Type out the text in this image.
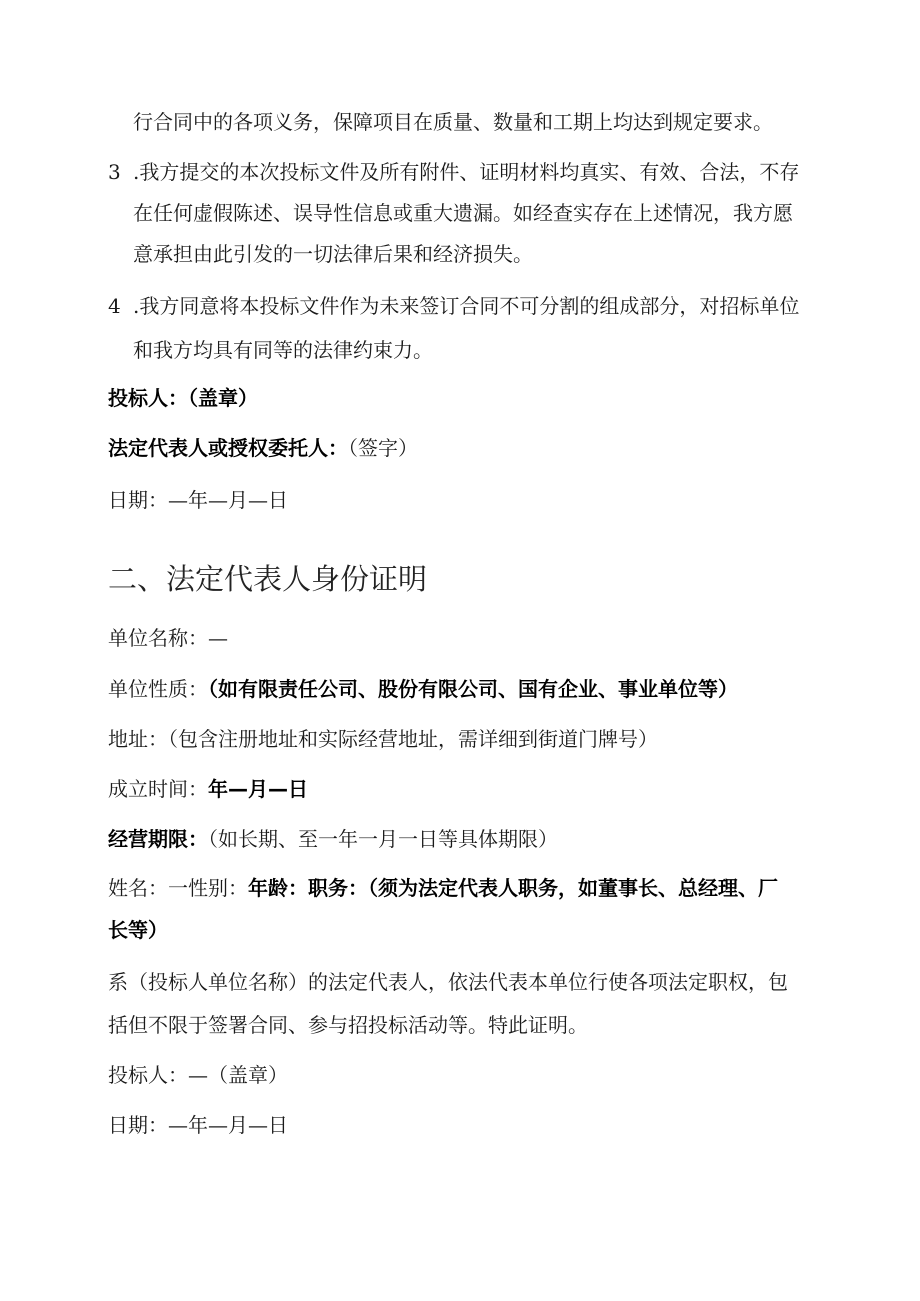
行合同中的各项义务，保障项目在质量、数量和工期上均达到规定要求。
3 .我方提交的本次投标文件及所有附件、证明材料均真实、有效、合法，不存
在任何虚假陈述、误导性信息或重大遗漏。如经查实存在上述情况，我方愿
意承担由此引发的一切法律后果和经济损失。
4 .我方同意将本投标文件作为未来签订合同不可分割的组成部分，对招标单位
和我方均具有同等的法律约束力。
投标人：（盖章）
法定代表人或授权委托人：（签字）
日期：—年—月—日
二、法定代表人身份证明
单位名称：—
单位性质：（如有限责任公司、股份有限公司、国有企业、事业单位等）
地址：（包含注册地址和实际经营地址，需详细到街道门牌号）
成立时间：年—月—日
经营期限：（如长期、至一年一月一日等具体期限）
姓名：一性别：年龄：职务：（须为法定代表人职务，如董事长、总经理、厂
长等）
系（投标人单位名称）的法定代表人，依法代表本单位行使各项法定职权，包
括但不限于签署合同、参与招投标活动等。特此证明。
投标人：—（盖章）
日期：—年—月—日
